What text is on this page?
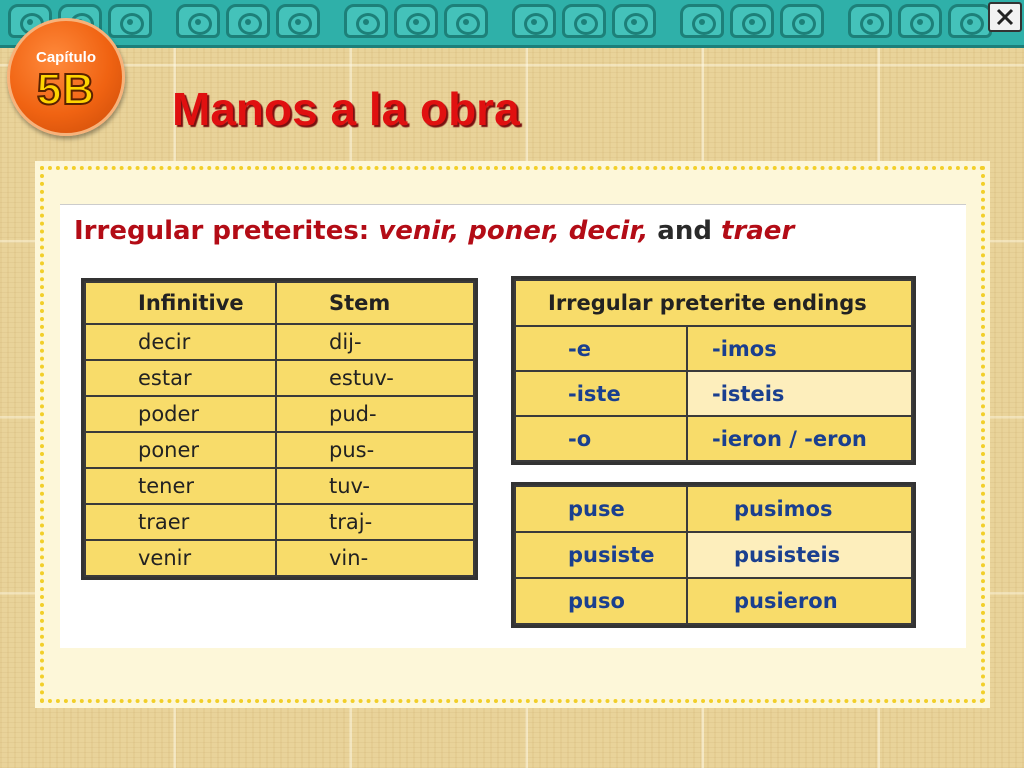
Capítulo
5B	Manos a la obra
Irregular preterites: venir, poner, decir, and traer
Infinitive	Stem
decir	dij-
estar	estuv-
poder	pud-
poner	pus-
tener	tuv-
traer	traj-
venir	vin-
Irregular preterite endings	
-e	-imos
-iste	-isteis
-o	-ieron / -eron
puse	pusimos
pusiste	pusisteis
puso	pusieron
